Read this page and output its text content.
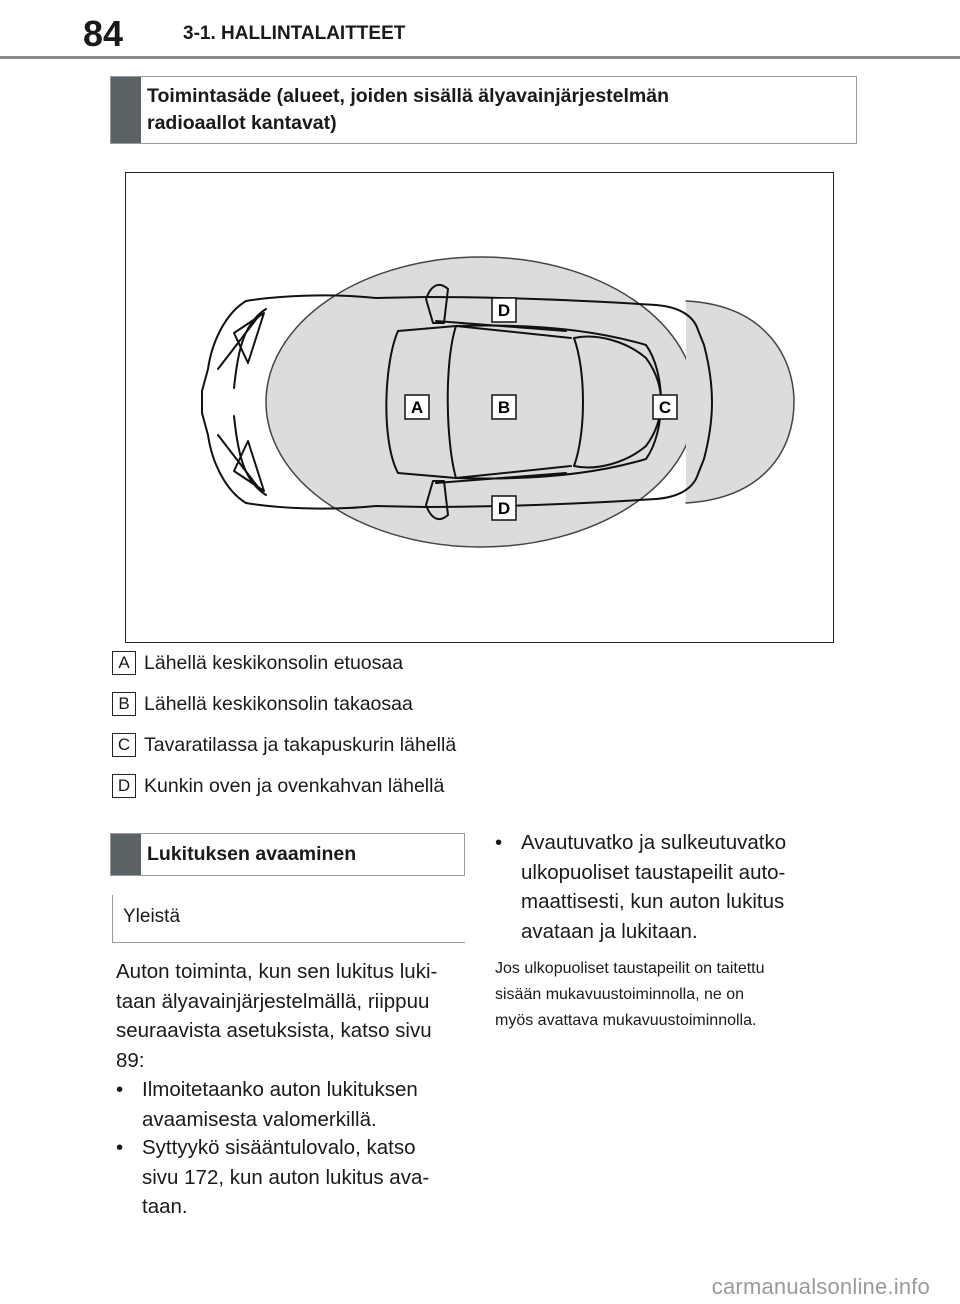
84	3-1. HALLINTALAITTEET
Toimintasäde (alueet, joiden sisällä älyavainjärjestelmän
radioaallot kantavat)
D
A	B	C
D
A Lähellä keskikonsolin etuosaa
B Lähellä keskikonsolin takaosaa
C Tavaratilassa ja takapuskurin lähellä
D Kunkin oven ja ovenkahvan lähellä
Lukituksen avaaminen
Yleistä
Auton toiminta, kun sen lukitus luki-
taan älyavainjärjestelmällä, riippuu
seuraavista asetuksista, katso sivu
89:
• Ilmoitetaanko auton lukituksen
avaamisesta valomerkillä.
• Syttyykö sisääntulovalo, katso
sivu 172, kun auton lukitus ava-
taan.
• Avautuvatko ja sulkeutuvatko
ulkopuoliset taustapeilit auto-
maattisesti, kun auton lukitus
avataan ja lukitaan.
Jos ulkopuoliset taustapeilit on taitettu
sisään mukavuustoiminnolla, ne on
myös avattava mukavuustoiminnolla.
carmanualsonline.info
